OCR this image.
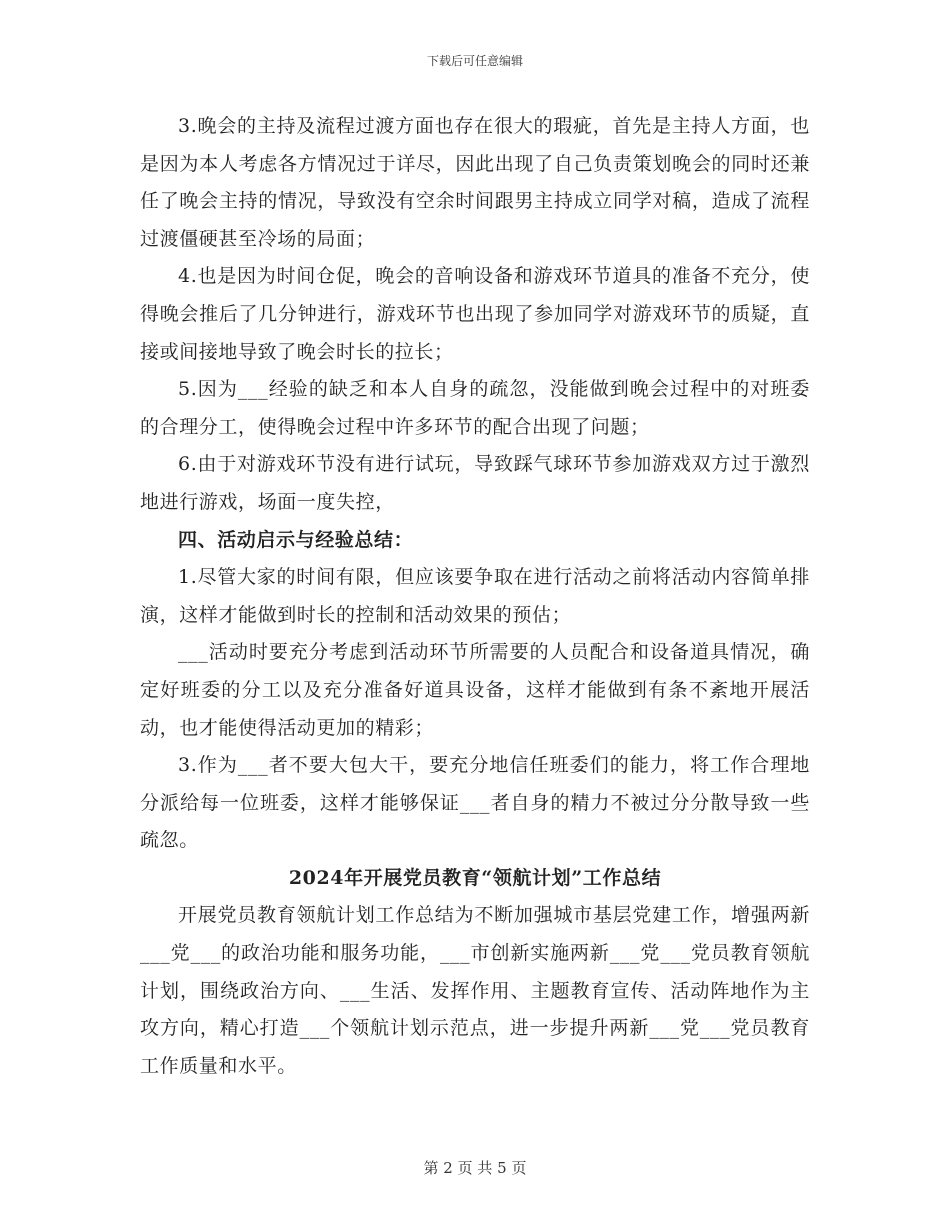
下载后可任意编辑

3.晚会的主持及流程过渡方面也存在很大的瑕疵，首先是主持人方面，也是因为本人考虑各方情况过于详尽，因此出现了自己负责策划晚会的同时还兼任了晚会主持的情况，导致没有空余时间跟男主持成立同学对稿，造成了流程过渡僵硬甚至冷场的局面；

4.也是因为时间仓促，晚会的音响设备和游戏环节道具的准备不充分，使得晚会推后了几分钟进行，游戏环节也出现了参加同学对游戏环节的质疑，直接或间接地导致了晚会时长的拉长；

5.因为___经验的缺乏和本人自身的疏忽，没能做到晚会过程中的对班委的合理分工，使得晚会过程中许多环节的配合出现了问题；

6.由于对游戏环节没有进行试玩，导致踩气球环节参加游戏双方过于激烈地进行游戏，场面一度失控，

四、活动启示与经验总结：

1.尽管大家的时间有限，但应该要争取在进行活动之前将活动内容简单排演，这样才能做到时长的控制和活动效果的预估；

___活动时要充分考虑到活动环节所需要的人员配合和设备道具情况，确定好班委的分工以及充分准备好道具设备，这样才能做到有条不紊地开展活动，也才能使得活动更加的精彩；

3.作为___者不要大包大干，要充分地信任班委们的能力，将工作合理地分派给每一位班委，这样才能够保证___者自身的精力不被过分分散导致一些疏忽。

2024年开展党员教育“领航计划”工作总结

开展党员教育领航计划工作总结为不断加强城市基层党建工作，增强两新___党___的政治功能和服务功能，___市创新实施两新___党___党员教育领航计划，围绕政治方向、___生活、发挥作用、主题教育宣传、活动阵地作为主攻方向，精心打造___个领航计划示范点，进一步提升两新___党___党员教育工作质量和水平。

第 2 页 共 5 页
